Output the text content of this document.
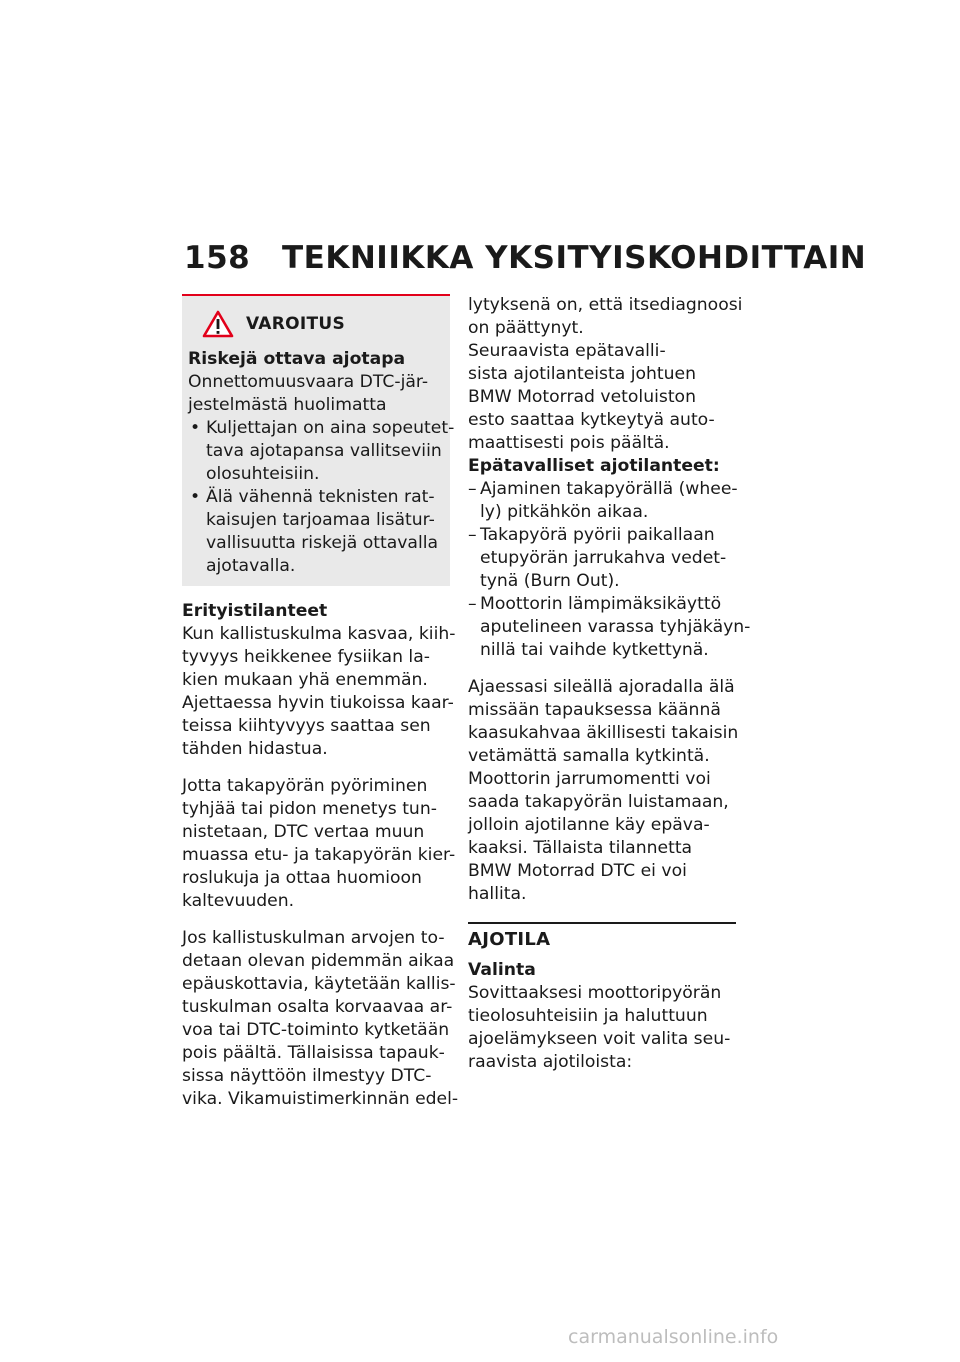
158 TEKNIIKKA YKSITYISKOHDITTAIN
VAROITUS
Riskejä ottava ajotapa
Onnettomuusvaara DTC-jär-
jestelmästä huolimatta
• Kuljettajan on aina sopeutet-
tava ajotapansa vallitseviin
olosuhteisiin.
• Älä vähennä teknisten rat-
kaisujen tarjoamaa lisätur-
vallisuutta riskejä ottavalla
ajotavalla.
Erityistilanteet
Kun kallistuskulma kasvaa, kiih-
tyvyys heikkenee fysiikan la-
kien mukaan yhä enemmän.
Ajettaessa hyvin tiukoissa kaar-
teissa kiihtyvyys saattaa sen
tähden hidastua.
Jotta takapyörän pyöriminen
tyhjää tai pidon menetys tun-
nistetaan, DTC vertaa muun
muassa etu- ja takapyörän kier-
roslukuja ja ottaa huomioon
kaltevuuden.
Jos kallistuskulman arvojen to-
detaan olevan pidemmän aikaa
epäuskottavia, käytetään kallis-
tuskulman osalta korvaavaa ar-
voa tai DTC-toiminto kytketään
pois päältä. Tällaisissa tapauk-
sissa näyttöön ilmestyy DTC-
vika. Vikamuistimerkinnän edel-
lytyksenä on, että itsediagnoosi
on päättynyt.
Seuraavista epätavalli-
sista ajotilanteista johtuen
BMW Motorrad vetoluiston
esto saattaa kytkeytyä auto-
maattisesti pois päältä.
Epätavalliset ajotilanteet:
– Ajaminen takapyörällä (whee-
ly) pitkähkön aikaa.
– Takapyörä pyörii paikallaan
etupyörän jarrukahva vedet-
tynä (Burn Out).
– Moottorin lämpimäksikäyttö
aputelineen varassa tyhjäkäyn-
nillä tai vaihde kytkettynä.
Ajaessasi sileällä ajoradalla älä
missään tapauksessa käännä
kaasukahvaa äkillisesti takaisin
vetämättä samalla kytkintä.
Moottorin jarrumomentti voi
saada takapyörän luistamaan,
jolloin ajotilanne käy epäva-
kaaksi. Tällaista tilannetta
BMW Motorrad DTC ei voi
hallita.
AJOTILA
Valinta
Sovittaaksesi moottoripyörän
tieolosuhteisiin ja haluttuun
ajoelämykseen voit valita seu-
raavista ajotiloista:
carmanualsonline.info
